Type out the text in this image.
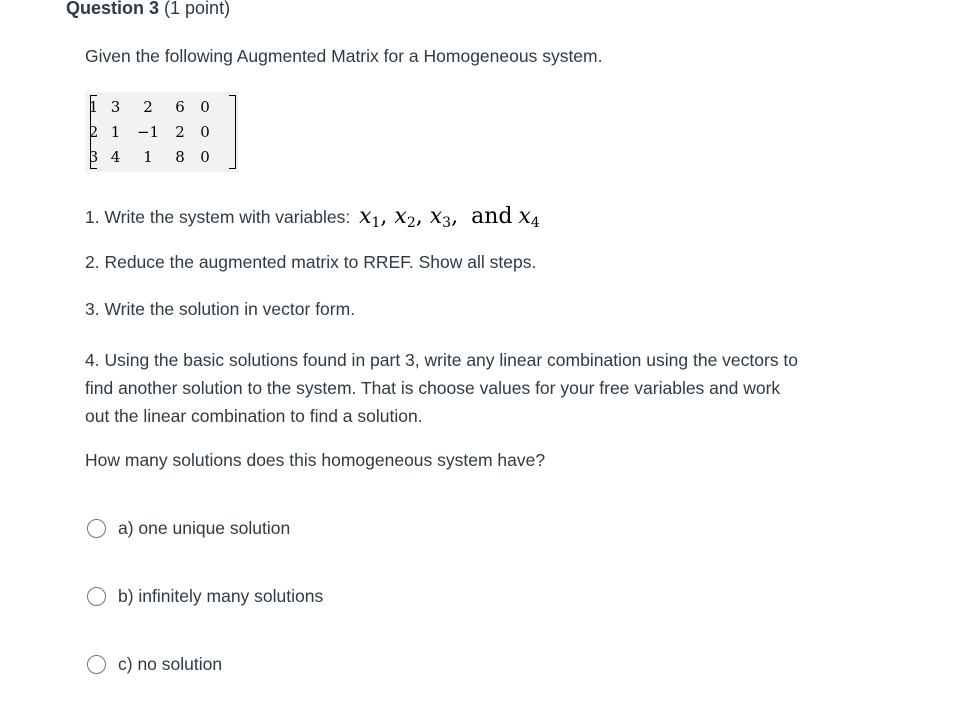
Question 3 (1 point)
Given the following Augmented Matrix for a Homogeneous system.
1	3	2	6	0
2	1	−1	2	0
3	4	1	8	0
1. Write the system with variables: $x_1$, $x_2$, $x_3$, and $x_4$
2. Reduce the augmented matrix to RREF. Show all steps.
3. Write the solution in vector form.
4. Using the basic solutions found in part 3, write any linear combination using the vectors to find another solution to the system. That is choose values for your free variables and work out the linear combination to find a solution.
How many solutions does this homogeneous system have?
a) one unique solution
b) infinitely many solutions
c) no solution
